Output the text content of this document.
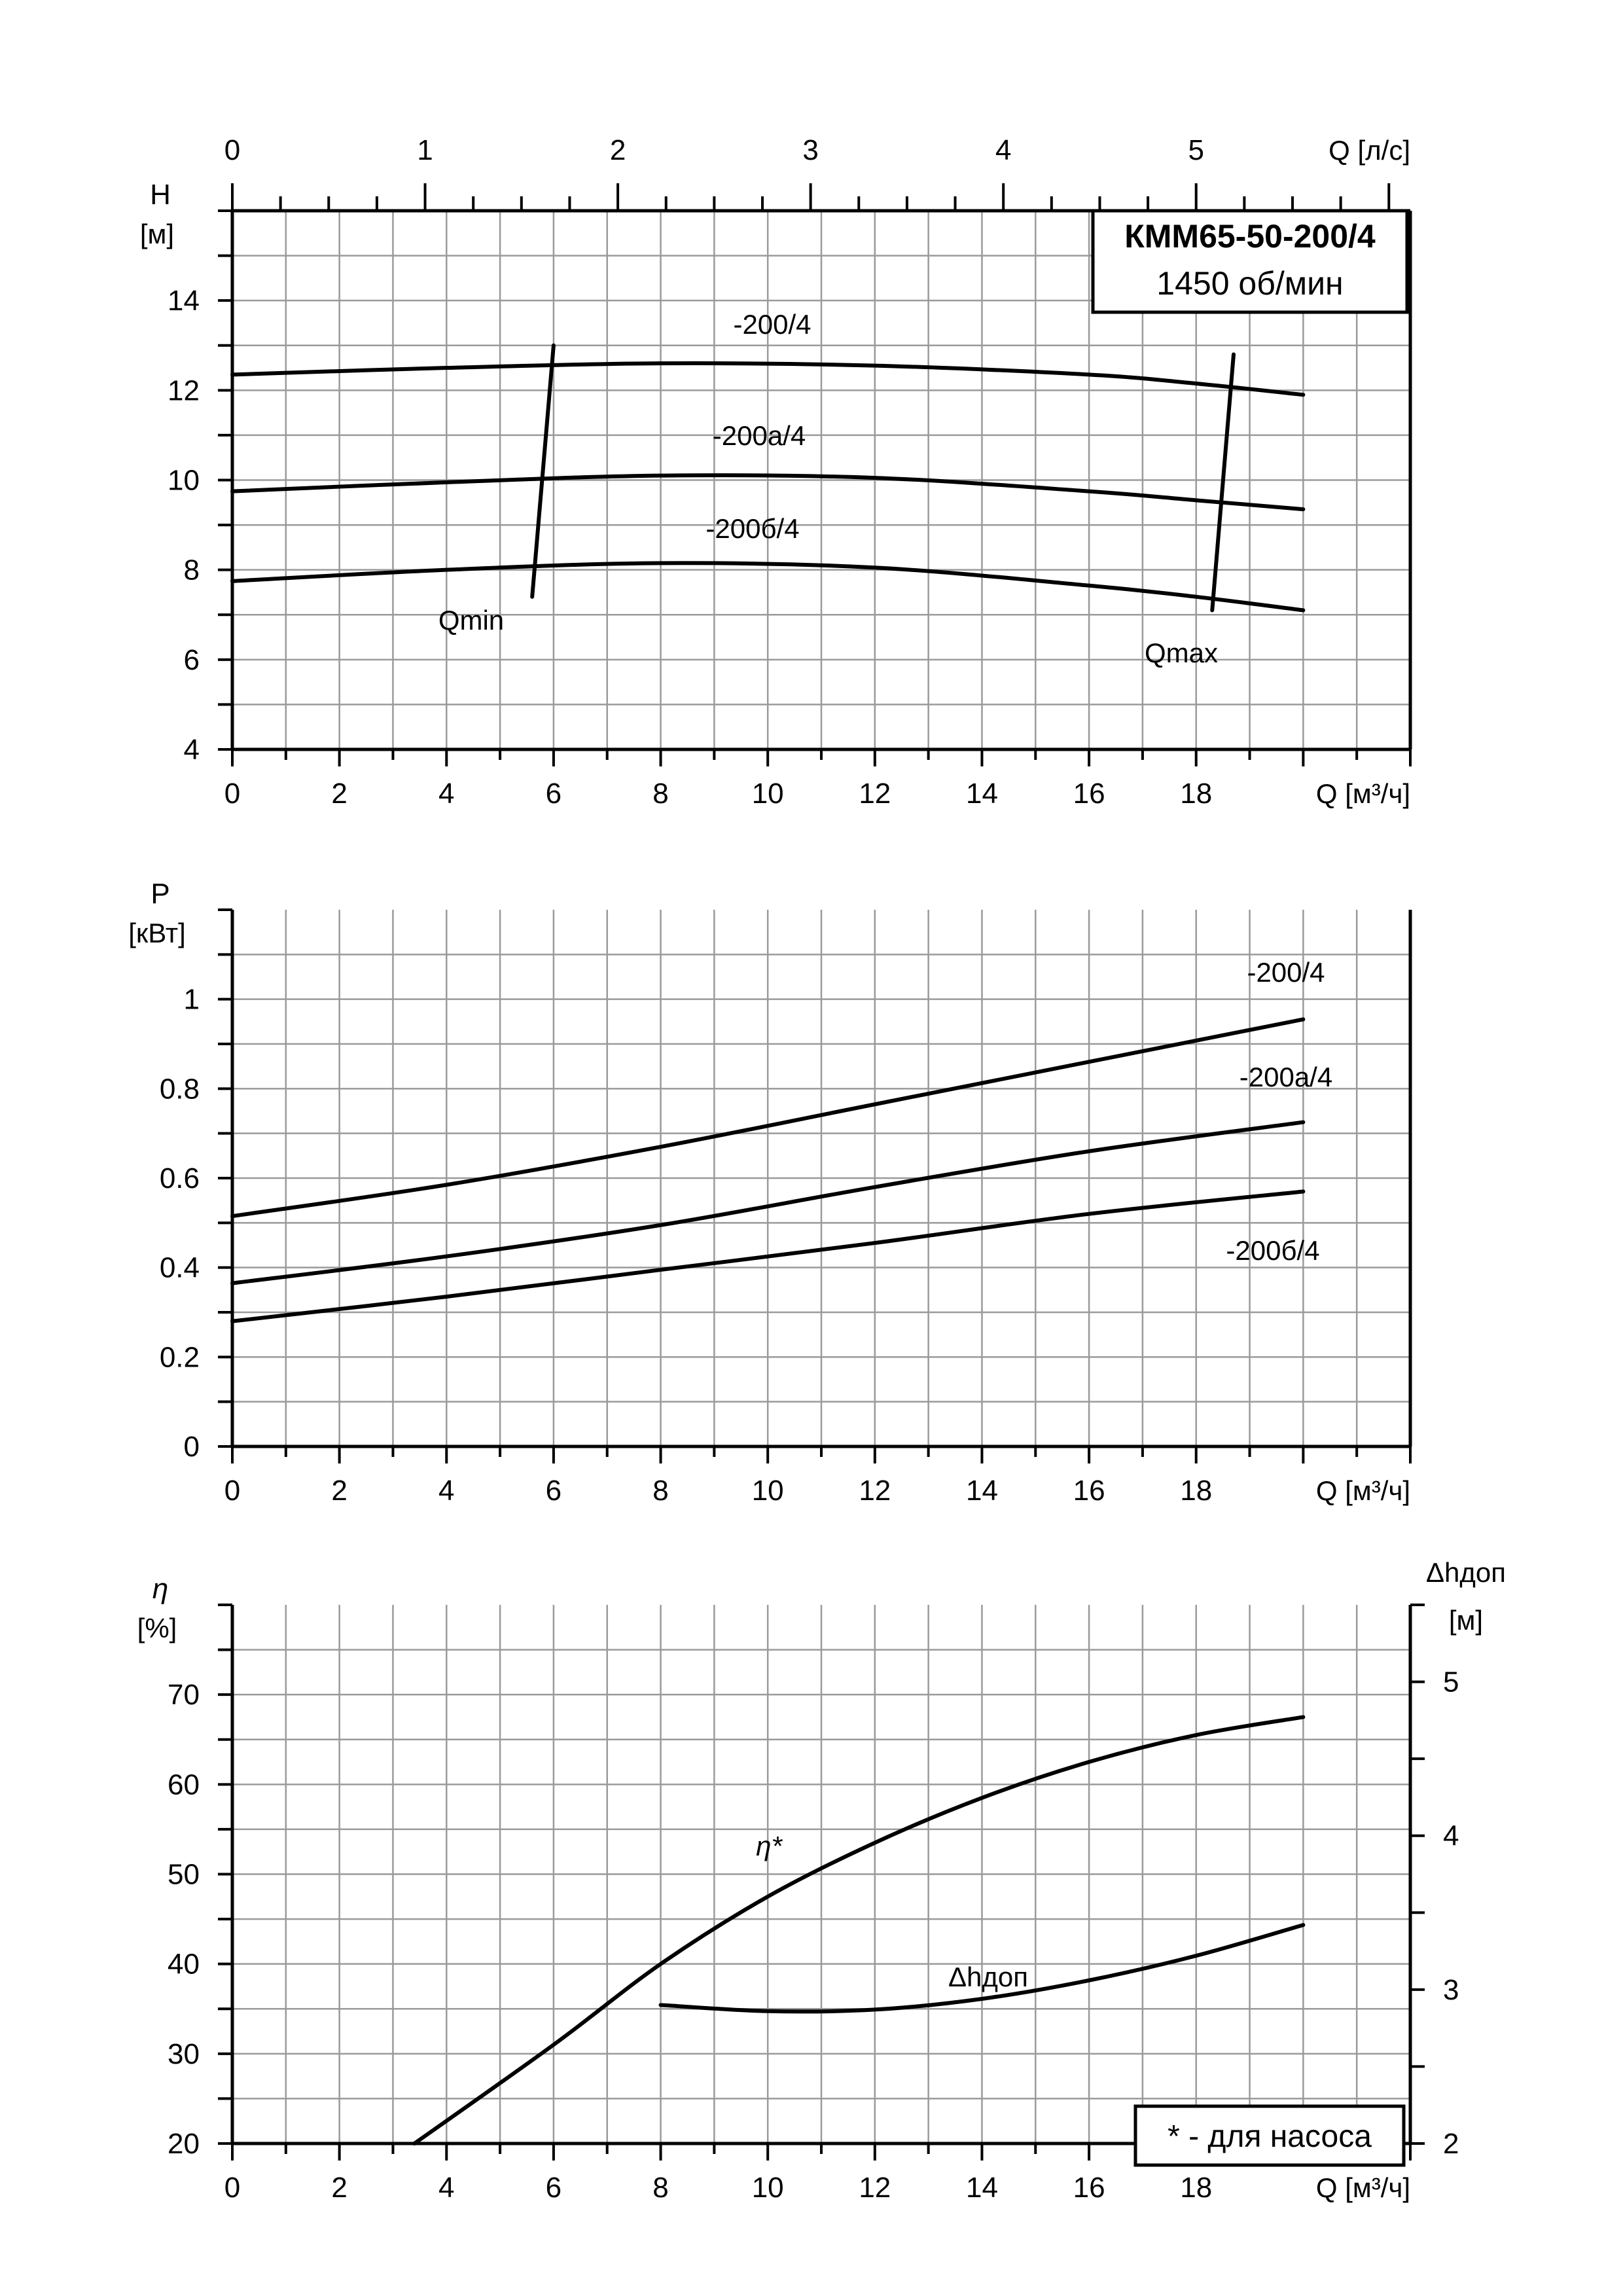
0	2	4	6	8	10	12	14	16	18	Q [м³/ч]
4
6
8
10
12
14
H
[м]
0	1	2	3	4	5	Q [л/с]
-200/4
-200а/4
-200б/4
Qmin
Qmax
0	2	4	6	8	10	12	14	16	18	Q [м³/ч]
0
0.2
0.4
0.6
0.8
1
P
[кВт]
-200/4
-200а/4
-200б/4
0	2	4	6	8	10	12	14	16	18	Q [м³/ч]
20
30
40
50
60
70
η
[%]
2
3
4
5
Δhдоп
[м]
η*
Δhдоп
КММ65-50-200/4
1450 об/мин
* - для насоса
